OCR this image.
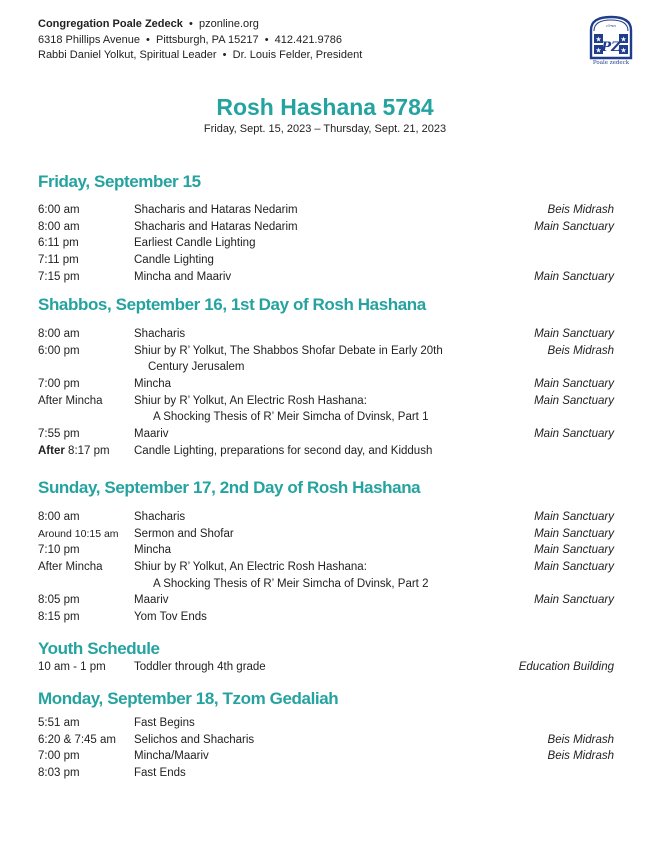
Congregation Poale Zedeck  •  pzonline.org
6318 Phillips Avenue  •  Pittsburgh, PA 15217  •  412.421.9786
Rabbi Daniel Yolkut, Spiritual Leader  •  Dr. Louis Felder, President
תפלה
★	★
★	★
PZ
Poale zedeck
Rosh Hashana 5784
Friday, Sept. 15, 2023 – Thursday, Sept. 21, 2023
Friday, September 15
6:00 am	Shacharis and Hataras Nedarim	Beis Midrash
8:00 am	Shacharis and Hataras Nedarim	Main Sanctuary
6:11 pm	Earliest Candle Lighting
7:11 pm	Candle Lighting
7:15 pm	Mincha and Maariv	Main Sanctuary
Shabbos, September 16, 1st Day of Rosh Hashana
8:00 am	Shacharis	Main Sanctuary
6:00 pm	Shiur by R’ Yolkut, The Shabbos Shofar Debate in Early 20th
Century Jerusalem
Beis Midrash
7:00 pm	Mincha	Main Sanctuary
After Mincha	Shiur by R’ Yolkut, An Electric Rosh Hashana:
A Shocking Thesis of R’ Meir Simcha of Dvinsk, Part 1
Main Sanctuary
7:55 pm	Maariv	Main Sanctuary
After 8:17 pm Candle Lighting, preparations for second day, and Kiddush
Sunday, September 17, 2nd Day of Rosh Hashana
8:00 am	Shacharis	Main Sanctuary
Around 10:15 am Sermon and Shofar	Main Sanctuary
7:10 pm	Mincha	Main Sanctuary
After Mincha	Shiur by R’ Yolkut, An Electric Rosh Hashana:
A Shocking Thesis of R’ Meir Simcha of Dvinsk, Part 2
Main Sanctuary
8:05 pm	Maariv	Main Sanctuary
8:15 pm	Yom Tov Ends
Youth Schedule
10 am - 1 pm Toddler through 4th grade	Education Building
Monday, September 18, Tzom Gedaliah
5:51 am	Fast Begins
6:20 & 7:45 am Selichos and Shacharis	Beis Midrash
7:00 pm	Mincha/Maariv	Beis Midrash
8:03 pm	Fast Ends
